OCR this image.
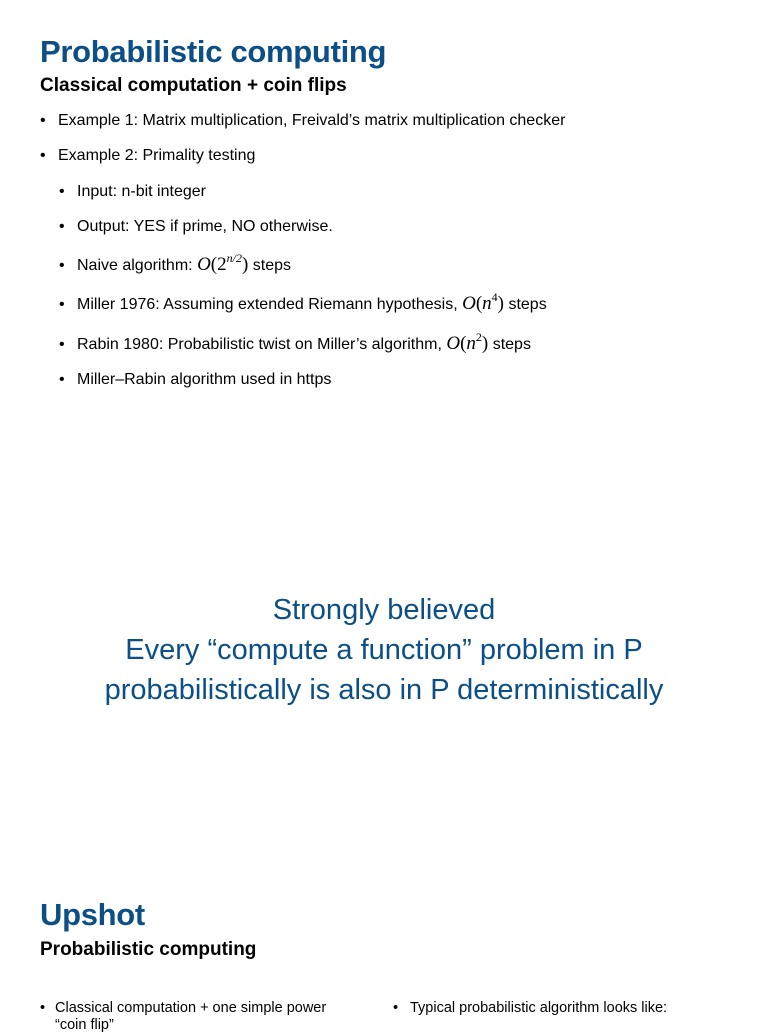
Probabilistic computing
Classical computation + coin flips
• Example 1: Matrix multiplication, Freivald’s matrix multiplication checker
• Example 2: Primality testing
• Input: n-bit integer
• Output: YES if prime, NO otherwise.
• Naive algorithm: $O(2^{n/2})$ steps
• Miller 1976: Assuming extended Riemann hypothesis, $O(n^4)$ steps
• Rabin 1980: Probabilistic twist on Miller’s algorithm, $O(n^2)$ steps
• Miller–Rabin algorithm used in https
Strongly believed
Every “compute a function” problem in P
probabilistically is also in P deterministically
Upshot
Probabilistic computing
• Classical computation + one simple power
“coin flip”
• Typical probabilistic algorithm looks like:
